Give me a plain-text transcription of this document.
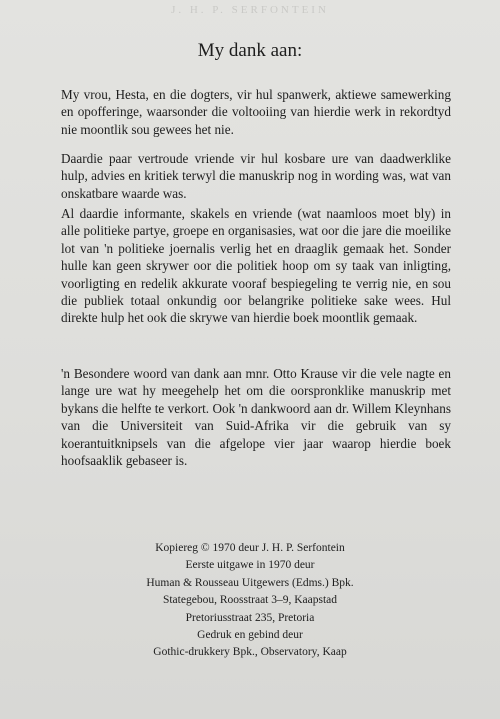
J. H. P. SERFONTEIN
My dank aan:

My vrou, Hesta, en die dogters, vir hul spanwerk, aktiewe samewerking en opofferinge, waarsonder die voltooiing van hierdie werk in rekordtyd nie moontlik sou gewees het nie.

Daardie paar vertroude vriende vir hul kosbare ure van daadwerklike hulp, advies en kritiek terwyl die manuskrip nog in wording was, wat van onskatbare waarde was.

Al daardie informante, skakels en vriende (wat naamloos moet bly) in alle politieke partye, groepe en organisasies, wat oor die jare die moeilike lot van 'n politieke joernalis verlig het en draaglik gemaak het. Sonder hulle kan geen skrywer oor die politiek hoop om sy taak van inligting, voorligting en redelik akkurate vooraf bespiegeling te verrig nie, en sou die publiek totaal onkundig oor belangrike politieke sake wees. Hul direkte hulp het ook die skrywe van hierdie boek moontlik gemaak.

'n Besondere woord van dank aan mnr. Otto Krause vir die vele nagte en lange ure wat hy meegehelp het om die oorspronklike manuskrip met bykans die helfte te verkort. Ook 'n dankwoord aan dr. Willem Kleynhans van die Universiteit van Suid-Afrika vir die gebruik van sy koerantuitknipsels van die afgelope vier jaar waarop hierdie boek hoofsaaklik gebaseer is.

Kopiereg © 1970 deur J. H. P. Serfontein
Eerste uitgawe in 1970 deur
Human & Rousseau Uitgewers (Edms.) Bpk.
Stategebou, Roosstraat 3–9, Kaapstad
Pretoriusstraat 235, Pretoria
Gedruk en gebind deur
Gothic-drukkery Bpk., Observatory, Kaap
